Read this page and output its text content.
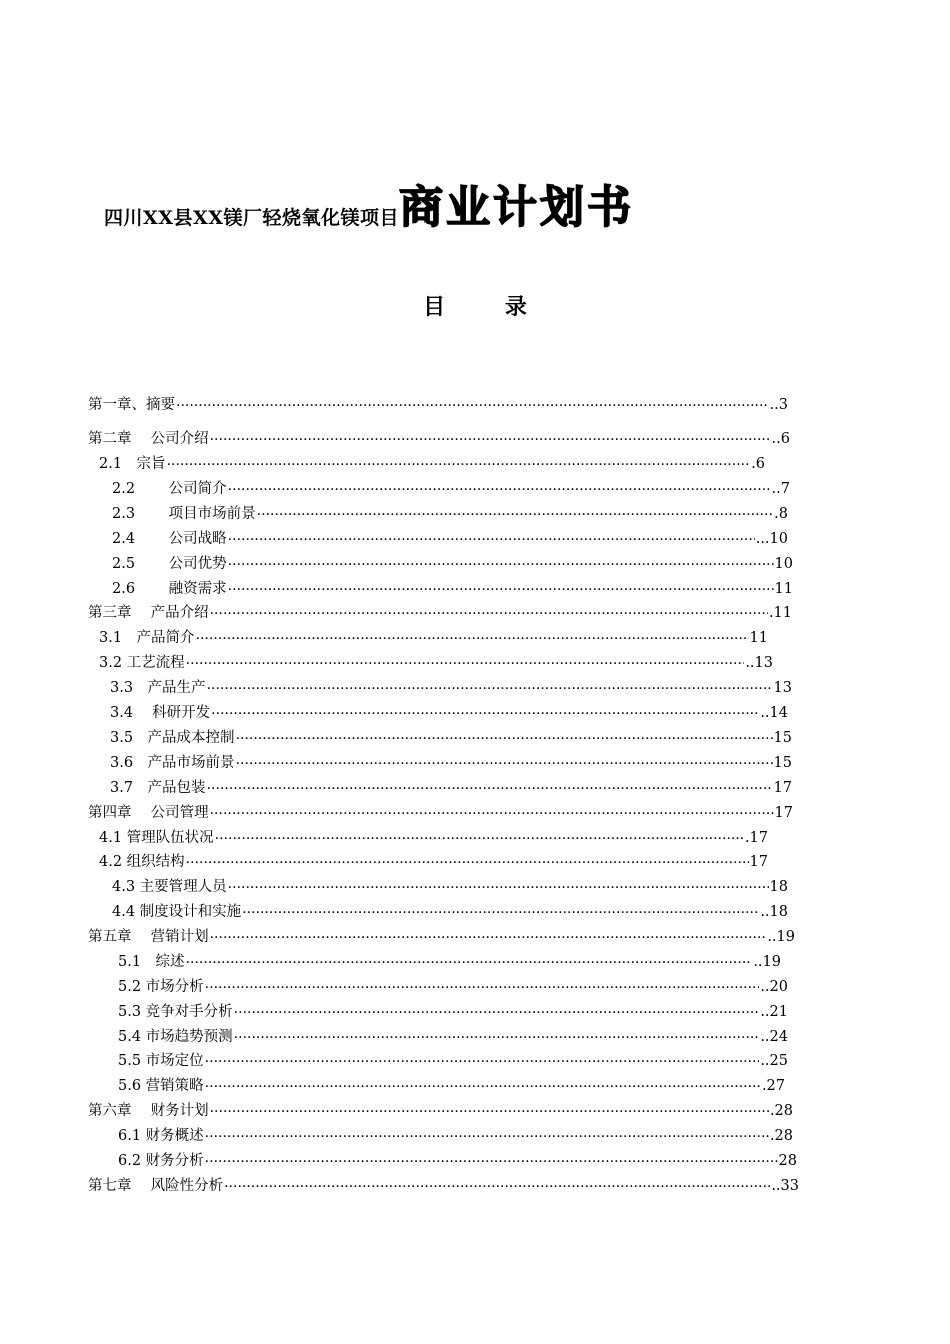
四川XX县XX镁厂轻烧氧化镁项目 商业计划书
目 录
第一章、摘要 ·····	..3
第二章　 公司介绍 ·····	..6
2.1　宗旨 ·····	.6
2.2　　 公司简介 ·····	..7
2.3　　 项目市场前景 ·····	.8
2.4　　 公司战略 ·····	...10
2.5　　 公司优势 ·····	10
2.6　　 融资需求 ·····	11
第三章　 产品介绍 ·····	.11
3.1　产品简介 ·····	11
3.2 工艺流程 ·····	..13
3.3　产品生产 ·····	13
3.4　 科研开发 ·····	..14
3.5　产品成本控制 ·····	15
3.6　产品市场前景 ·····	15
3.7　产品包装 ·····	17
第四章　 公司管理 ·····	17
4.1 管理队伍状况 ·····	.17
4.2 组织结构 ·····	17
4.3 主要管理人员 ·····	18
4.4 制度设计和实施 ·····	..18
第五章　 营销计划 ·····	..19
5.1　综述 ·····	..19
5.2 市场分析 ·····	..20
5.3 竞争对手分析 ·····	..21
5.4 市场趋势预测 ·····	..24
5.5 市场定位 ·····	..25
5.6 营销策略 ·····	.27
第六章　 财务计划 ·····	.28
6.1 财务概述 ·····	.28
6.2 财务分析 ·····	28
第七章　 风险性分析 ·····	..33
